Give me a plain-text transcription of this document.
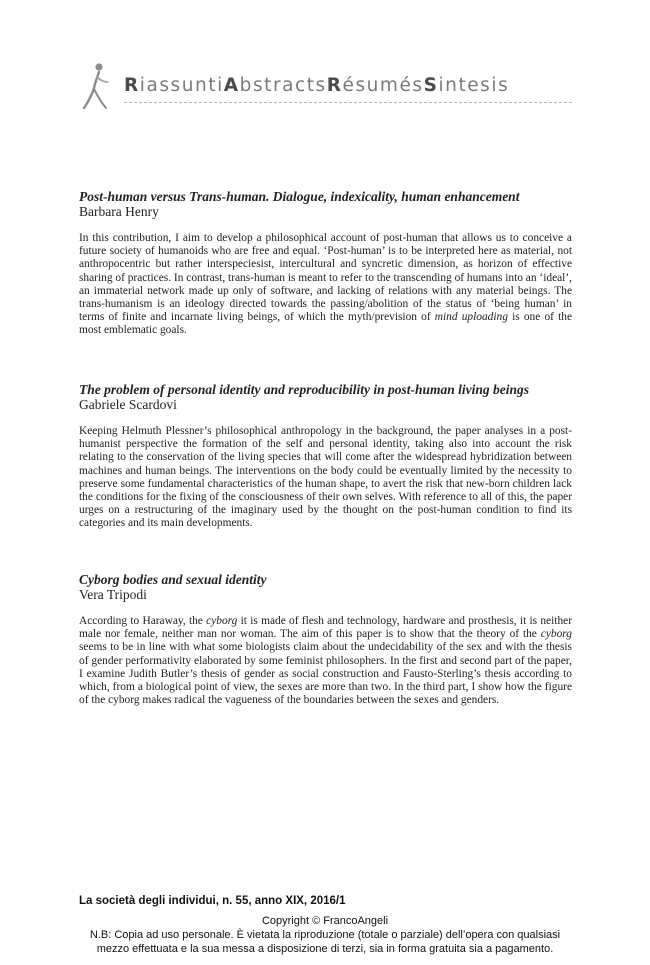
RiassuntiAbstractsRésumésSintesis
Post-human versus Trans-human. Dialogue, indexicality, human enhancement
Barbara Henry
In this contribution, I aim to develop a philosophical account of post-human that allows us to conceive a future society of humanoids who are free and equal. ‘Post-human’ is to be interpreted here as material, not anthropocentric but rather interspeciesist, intercultural and syncretic dimension, as horizon of effective sharing of practices. In contrast, trans-human is meant to refer to the transcending of humans into an ‘ideal’, an immaterial network made up only of software, and lacking of relations with any material beings. The trans-humanism is an ideology directed towards the passing/abolition of the status of ‘being human’ in terms of finite and incarnate living beings, of which the myth/prevision of mind uploading is one of the most emblematic goals.
The problem of personal identity and reproducibility in post-human living beings
Gabriele Scardovi
Keeping Helmuth Plessner’s philosophical anthropology in the background, the paper analyses in a post-humanist perspective the formation of the self and personal identity, taking also into account the risk relating to the conservation of the living species that will come after the widespread hybridization between machines and human beings. The interventions on the body could be eventually limited by the necessity to preserve some fundamental characteristics of the human shape, to avert the risk that new-born children lack the conditions for the fixing of the consciousness of their own selves. With reference to all of this, the paper urges on a restructuring of the imaginary used by the thought on the post-human condition to find its categories and its main developments.
Cyborg bodies and sexual identity
Vera Tripodi
According to Haraway, the cyborg it is made of flesh and technology, hardware and prosthesis, it is neither male nor female, neither man nor woman. The aim of this paper is to show that the theory of the cyborg seems to be in line with what some biologists claim about the undecidability of the sex and with the thesis of gender performativity elaborated by some feminist philosophers. In the first and second part of the paper, I examine Judith Butler’s thesis of gender as social construction and Fausto-Sterling’s thesis according to which, from a biological point of view, the sexes are more than two. In the third part, I show how the figure of the cyborg makes radical the vagueness of the boundaries between the sexes and genders.
La società degli individui, n. 55, anno XIX, 2016/1
Copyright © FrancoAngeli
N.B: Copia ad uso personale. È vietata la riproduzione (totale o parziale) dell’opera con qualsiasi
mezzo effettuata e la sua messa a disposizione di terzi, sia in forma gratuita sia a pagamento.
